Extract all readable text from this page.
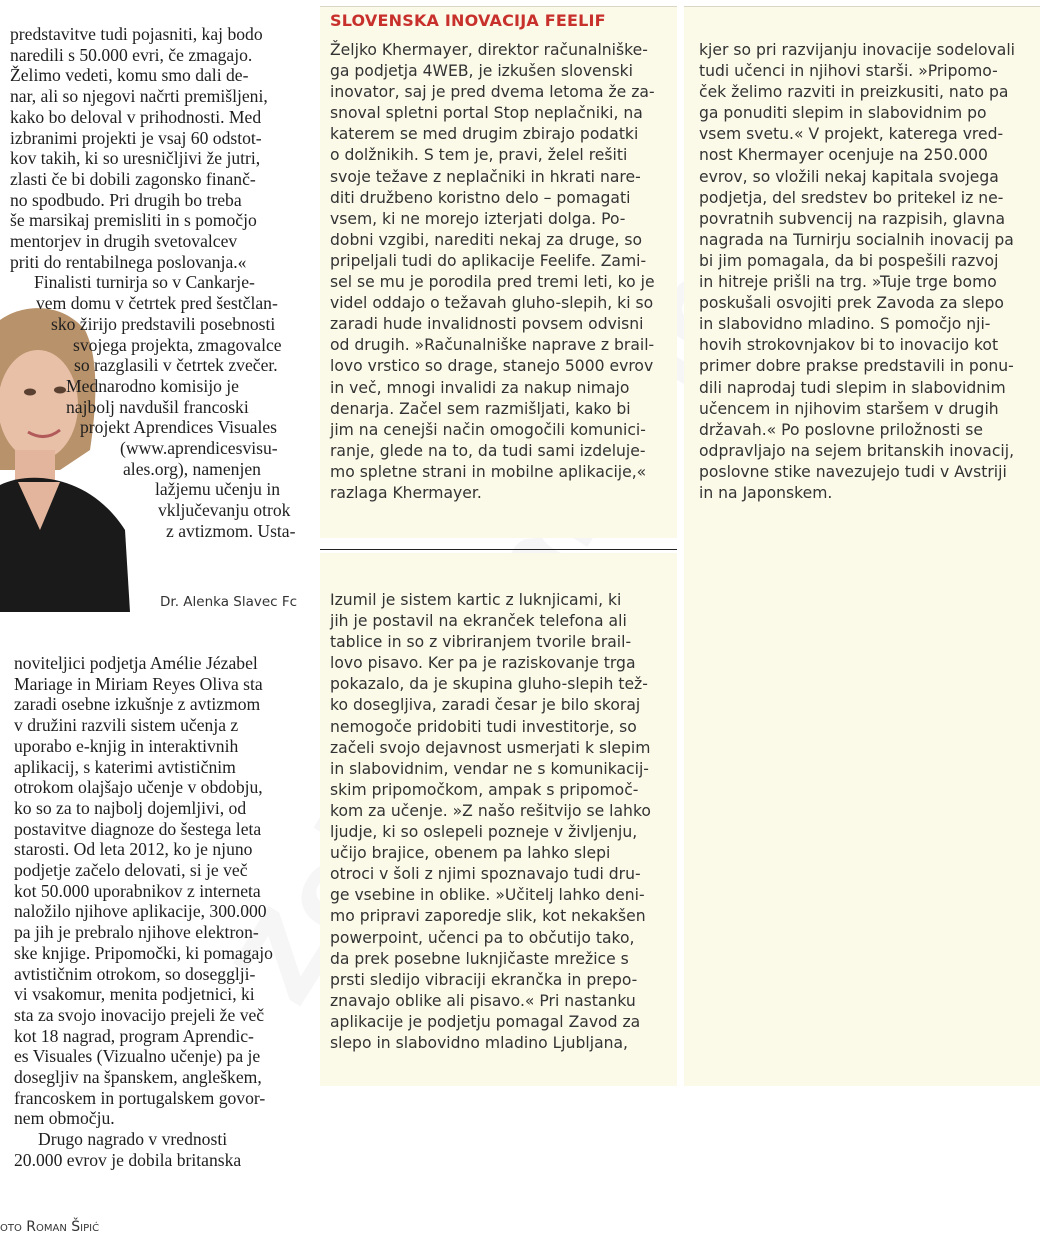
predstavitve tudi pojasniti, kaj bodo
naredili s 50.000 evri, če zmagajo.
Želimo vedeti, komu smo dali de-
nar, ali so njegovi načrti premišljeni,
kako bo deloval v prihodnosti. Med
izbranimi projekti je vsaj 60 odstot-
kov takih, ki so uresničljivi že jutri,
zlasti če bi dobili zagonsko finanč-
no spodbudo. Pri drugih bo treba
še marsikaj premisliti in s pomočjo
mentorjev in drugih svetovalcev
priti do rentabilnega poslovanja.«
Finalisti turnirja so v Cankarje-
vem domu v četrtek pred šestčlan-
sko žirijo predstavili posebnosti
svojega projekta, zmagovalce
so razglasili v četrtek zvečer.
Mednarodno komisijo je
najbolj navdušil francoski
projekt Aprendices Visuales
(www.aprendicesvisu-
ales.org), namenjen
lažjemu učenju in
vključevanju otrok
z avtizmom. Usta-
Dr. Alenka Slavec Fc
noviteljici podjetja Amélie Jézabel
Mariage in Miriam Reyes Oliva sta
zaradi osebne izkušnje z avtizmom
v družini razvili sistem učenja z
uporabo e-knjig in interaktivnih
aplikacij, s katerimi avtističnim
otrokom olajšajo učenje v obdobju,
ko so za to najbolj dojemljivi, od
postavitve diagnoze do šestega leta
starosti. Od leta 2012, ko je njuno
podjetje začelo delovati, si je več
kot 50.000 uporabnikov z interneta
naložilo njihove aplikacije, 300.000
pa jih je prebralo njihove elektron-
ske knjige. Pripomočki, ki pomagajo
avtističnim otrokom, so dosegglji-
vi vsakomur, menita podjetnici, ki
sta za svojo inovacijo prejeli že več
kot 18 nagrad, program Aprendic-
es Visuales (Vizualno učenje) pa je
dosegljiv na španskem, angleškem,
francoskem in portugalskem govor-
nem območju.
Drugo nagrado v vrednosti
20.000 evrov je dobila britanska
oto Roman Šipić
SLOVENSKA INOVACIJA FEELIF
Željko Khermayer, direktor računalniške-
ga podjetja 4WEB, je izkušen slovenski
inovator, saj je pred dvema letoma že za-
snoval spletni portal Stop neplačniki, na
katerem se med drugim zbirajo podatki
o dolžnikih. S tem je, pravi, želel rešiti
svoje težave z neplačniki in hkrati nare-
diti družbeno koristno delo – pomagati
vsem, ki ne morejo izterjati dolga. Po-
dobni vzgibi, narediti nekaj za druge, so
pripeljali tudi do aplikacije Feelife. Zami-
sel se mu je porodila pred tremi leti, ko je
videl oddajo o težavah gluho-slepih, ki so
zaradi hude invalidnosti povsem odvisni
od drugih. »Računalniške naprave z brail-
lovo vrstico so drage, stanejo 5000 evrov
in več, mnogi invalidi za nakup nimajo
denarja. Začel sem razmišljati, kako bi
jim na cenejši način omogočili komunici-
ranje, glede na to, da tudi sami izdeluje-
mo spletne strani in mobilne aplikacije,«
razlaga Khermayer.
kjer so pri razvijanju inovacije sodelovali
tudi učenci in njihovi starši. »Pripomo-
ček želimo razviti in preizkusiti, nato pa
ga ponuditi slepim in slabovidnim po
vsem svetu.« V projekt, katerega vred-
nost Khermayer ocenjuje na 250.000
evrov, so vložili nekaj kapitala svojega
podjetja, del sredstev bo pritekel iz ne-
povratnih subvencij na razpisih, glavna
nagrada na Turnirju socialnih inovacij pa
bi jim pomagala, da bi pospešili razvoj
in hitreje prišli na trg. »Tuje trge bomo
poskušali osvojiti prek Zavoda za slepo
in slabovidno mladino. S pomočjo nji-
hovih strokovnjakov bi to inovacijo kot
primer dobre prakse predstavili in ponu-
dili naprodaj tudi slepim in slabovidnim
učencem in njihovim staršem v drugih
državah.« Po poslovne priložnosti se
odpravljajo na sejem britanskih inovacij,
poslovne stike navezujejo tudi v Avstriji
in na Japonskem.
Izumil je sistem kartic z luknjicami, ki
jih je postavil na ekranček telefona ali
tablice in so z vibriranjem tvorile brail-
lovo pisavo. Ker pa je raziskovanje trga
pokazalo, da je skupina gluho-slepih tež-
ko dosegljiva, zaradi česar je bilo skoraj
nemogoče pridobiti tudi investitorje, so
začeli svojo dejavnost usmerjati k slepim
in slabovidnim, vendar ne s komunikacij-
skim pripomočkom, ampak s pripomoč-
kom za učenje. »Z našo rešitvijo se lahko
ljudje, ki so oslepeli pozneje v življenju,
učijo brajice, obenem pa lahko slepi
otroci v šoli z njimi spoznavajo tudi dru-
ge vsebine in oblike. »Učitelj lahko deni-
mo pripravi zaporedje slik, kot nekakšen
powerpoint, učenci pa to občutijo tako,
da prek posebne luknjičaste mrežice s
prsti sledijo vibraciji ekrančka in prepo-
znavajo oblike ali pisavo.« Pri nastanku
aplikacije je podjetju pomagal Zavod za
slepo in slabovidno mladino Ljubljana,
